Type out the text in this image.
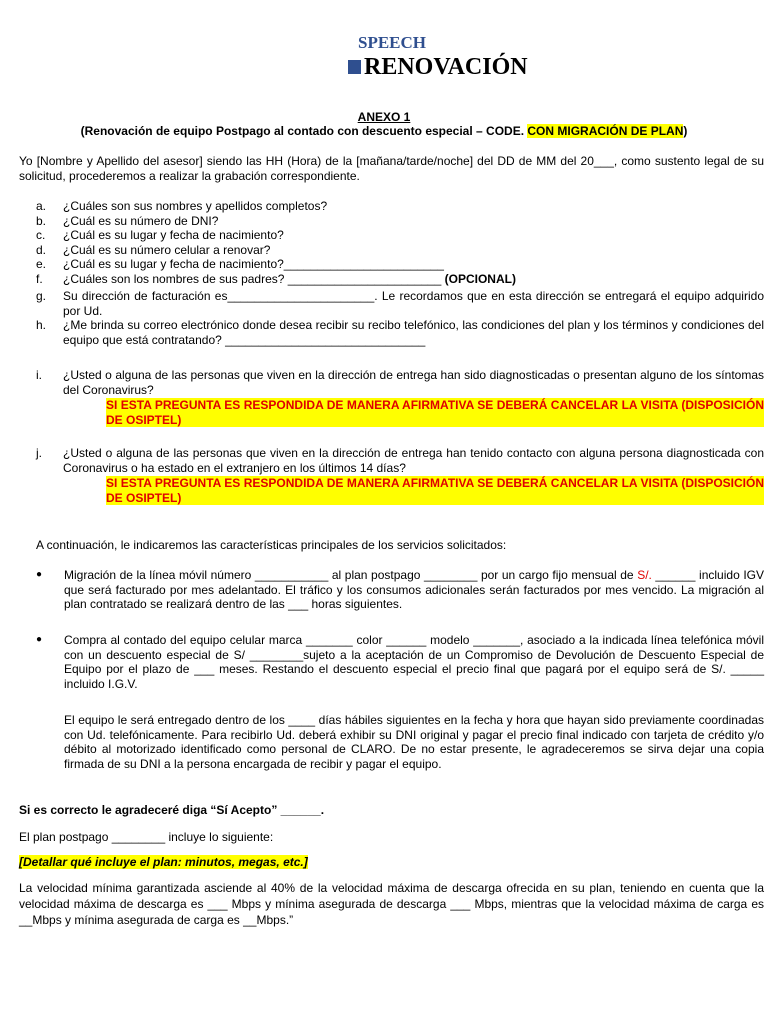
SPEECH
RENOVACIÓN
ANEXO 1
(Renovación de equipo Postpago al contado con descuento especial – CODE. CON MIGRACIÓN DE PLAN)

Yo [Nombre y Apellido del asesor] siendo las HH (Hora) de la [mañana/tarde/noche] del DD de MM del 20___, como sustento legal de su solicitud, procederemos a realizar la grabación correspondiente.

a.	¿Cuáles son sus nombres y apellidos completos?
b.	¿Cuál es su número de DNI?
c.	¿Cuál es su lugar y fecha de nacimiento?
d.	¿Cuál es su número celular a renovar?
e.	¿Cuál es su lugar y fecha de nacimiento?________________________
f.	¿Cuáles son los nombres de sus padres? _______________________ (OPCIONAL)
g.	Su dirección de facturación es______________________. Le recordamos que en esta dirección se entregará el equipo adquirido por Ud.
h.	¿Me brinda su correo electrónico donde desea recibir su recibo telefónico, las condiciones del plan y los términos y condiciones del equipo que está contratando? ______________________________
i.	¿Usted o alguna de las personas que viven en la dirección de entrega han sido diagnosticadas o presentan alguno de los síntomas del Coronavirus?
SI ESTA PREGUNTA ES RESPONDIDA DE MANERA AFIRMATIVA SE DEBERÁ CANCELAR LA VISITA (DISPOSICIÓN DE OSIPTEL)
j.	¿Usted o alguna de las personas que viven en la dirección de entrega han tenido contacto con alguna persona diagnosticada con Coronavirus o ha estado en el extranjero en los últimos 14 días?
SI ESTA PREGUNTA ES RESPONDIDA DE MANERA AFIRMATIVA SE DEBERÁ CANCELAR LA VISITA (DISPOSICIÓN DE OSIPTEL)

A continuación, le indicaremos las características principales de los servicios solicitados:

●	Migración de la línea móvil número ___________ al plan postpago ________ por un cargo fijo mensual de S/. ______ incluido IGV que será facturado por mes adelantado. El tráfico y los consumos adicionales serán facturados por mes vencido. La migración al plan contratado se realizará dentro de las ___ horas siguientes.
●	Compra al contado del equipo celular marca _______ color ______ modelo _______, asociado a la indicada línea telefónica móvil con un descuento especial de S/ ________sujeto a la aceptación de un Compromiso de Devolución de Descuento Especial de Equipo por el plazo de ___ meses. Restando el descuento especial el precio final que pagará por el equipo será de S/. _____ incluido I.G.V.

El equipo le será entregado dentro de los ____ días hábiles siguientes en la fecha y hora que hayan sido previamente coordinadas con Ud. telefónicamente. Para recibirlo Ud. deberá exhibir su DNI original y pagar el precio final indicado con tarjeta de crédito y/o débito al motorizado identificado como personal de CLARO. De no estar presente, le agradeceremos se sirva dejar una copia firmada de su DNI a la persona encargada de recibir y pagar el equipo.

Si es correcto le agradeceré diga “Sí Acepto” ______.

El plan postpago ________ incluye lo siguiente:

[Detallar qué incluye el plan: minutos, megas, etc.]

La velocidad mínima garantizada asciende al 40% de la velocidad máxima de descarga ofrecida en su plan, teniendo en cuenta que la velocidad máxima de descarga es ___ Mbps y mínima asegurada de descarga ___ Mbps, mientras que la velocidad máxima de carga es __Mbps y mínima asegurada de carga es __Mbps.”
